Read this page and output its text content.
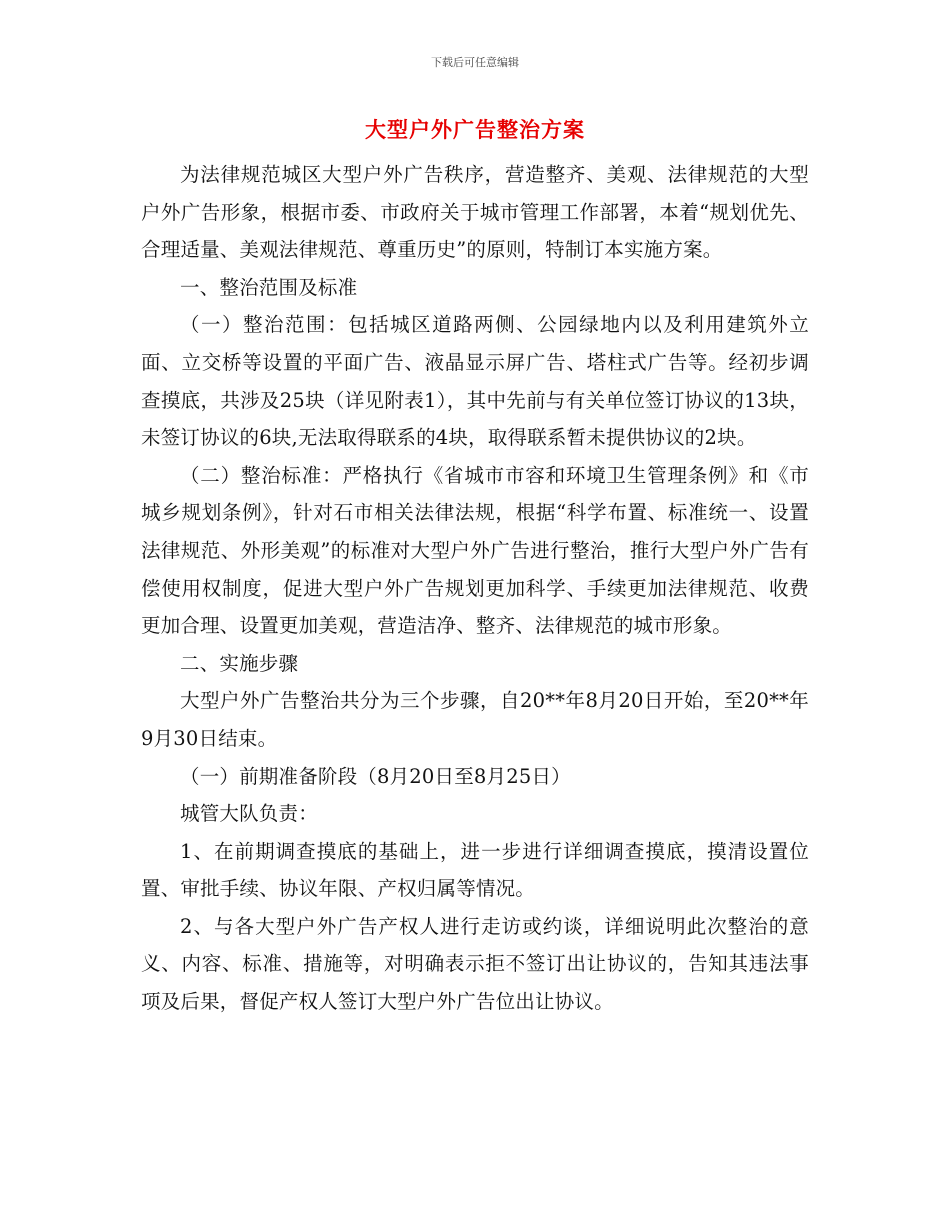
下载后可任意编辑
大型户外广告整治方案

为法律规范城区大型户外广告秩序，营造整齐、美观、法律规范的大型户外广告形象，根据市委、市政府关于城市管理工作部署，本着“规划优先、合理适量、美观法律规范、尊重历史”的原则，特制订本实施方案。

一、整治范围及标准

（一）整治范围：包括城区道路两侧、公园绿地内以及利用建筑外立面、立交桥等设置的平面广告、液晶显示屏广告、塔柱式广告等。经初步调查摸底，共涉及25块（详见附表1），其中先前与有关单位签订协议的13块，未签订协议的6块,无法取得联系的4块，取得联系暂未提供协议的2块。

（二）整治标准：严格执行《省城市市容和环境卫生管理条例》和《市城乡规划条例》，针对石市相关法律法规，根据“科学布置、标准统一、设置法律规范、外形美观”的标准对大型户外广告进行整治，推行大型户外广告有偿使用权制度，促进大型户外广告规划更加科学、手续更加法律规范、收费更加合理、设置更加美观，营造洁净、整齐、法律规范的城市形象。

二、实施步骤

大型户外广告整治共分为三个步骤，自20**年8月20日开始，至20**年9月30日结束。

（一）前期准备阶段（8月20日至8月25日）

城管大队负责：

1、在前期调查摸底的基础上，进一步进行详细调查摸底，摸清设置位置、审批手续、协议年限、产权归属等情况。

2、与各大型户外广告产权人进行走访或约谈，详细说明此次整治的意义、内容、标准、措施等，对明确表示拒不签订出让协议的，告知其违法事项及后果，督促产权人签订大型户外广告位出让协议。
